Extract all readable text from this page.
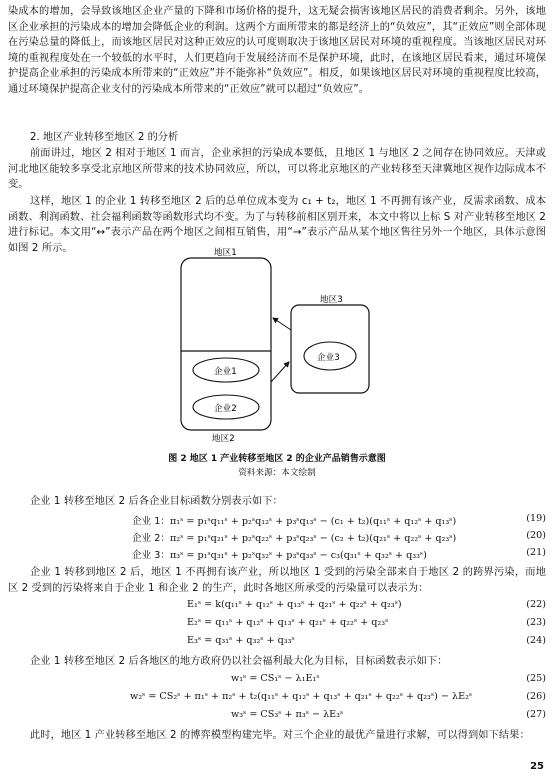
染成本的增加，会导致该地区企业产量的下降和市场价格的提升，这无疑会损害该地区居民的消费者剩余。另外，该地区企业承担的污染成本的增加会降低企业的利润。这两个方面所带来的都是经济上的“负效应”，其“正效应”则全部体现在污染总量的降低上，而该地区居民对这种正效应的认可度则取决于该地区居民对环境的重视程度。当该地区居民对环境的重视程度处在一个较低的水平时，人们更趋向于发展经济而不是保护环境，此时，在该地区居民看来，通过环境保护提高企业承担的污染成本所带来的“正效应”并不能弥补“负效应”。相反，如果该地区居民对环境的重视程度比较高，通过环境保护提高企业支付的污染成本所带来的“正效应”就可以超过“负效应”。
2. 地区产业转移至地区 2 的分析
前面讲过，地区 2 相对于地区 1 而言，企业承担的污染成本要低，且地区 1 与地区 2 之间存在协同效应。天津或河北地区能较多享受北京地区所带来的技术协同效应，所以，可以将北京地区的产业转移至天津冀地区视作边际成本不变。
这样，地区 1 的企业 1 转移至地区 2 后的总单位成本变为 c₁ + t₂，地区 1 不再拥有该产业，反需求函数、成本函数、利润函数、社会福利函数等函数形式均不变。为了与转移前相区别开来，本文中将以上标 S 对产业转移至地区 2 进行标记。本文用“↔”表示产品在两个地区之间相互销售，用“→”表示产品从某个地区售往另外一个地区，具体示意图如图 2 所示。	地区1
地区2
地区3
企业1
企业2
企业3
图 2 地区 1 产业转移至地区 2 的企业产品销售示意图
资料来源：本文绘制
企业 1 转移至地区 2 后各企业目标函数分别表示如下：
企业 1：π₁ˢ = p₁ˢq₁₁ˢ + p₂ˢq₁₂ˢ + p₃ˢq₁₃ˢ − (c₁ + t₂)(q₁₁ˢ + q₁₂ˢ + q₁₃ˢ)	(19)
企业 2：π₂ˢ = p₁ˢq₂₁ˢ + p₂ˢq₂₂ˢ + p₃ˢq₂₃ˢ − (c₂ + t₂)(q₂₁ˢ + q₂₂ˢ + q₂₃ˢ)	(20)
企业 3：π₃ˢ = p₁ˢq₃₁ˢ + p₂ˢq₃₂ˢ + p₃ˢq₃₃ˢ − c₃(q₃₁ˢ + q₃₂ˢ + q₃₃ˢ)	(21)
企业 1 转移到地区 2 后，地区 1 不再拥有该产业，所以地区 1 受到的污染全部来自于地区 2 的跨界污染，而地区 2 受到的污染将来自于企业 1 和企业 2 的生产，此时各地区所承受的污染量可以表示为：
E₁ˢ = k(q₁₁ˢ + q₁₂ˢ + q₁₃ˢ + q₂₁ˢ + q₂₂ˢ + q₂₃ˢ)	(22)
E₂ˢ = q₁₁ˢ + q₁₂ˢ + q₁₃ˢ + q₂₁ˢ + q₂₂ˢ + q₂₃ˢ	(23)
E₃ˢ = q₃₁ˢ + q₃₂ˢ + q₃₃ˢ	(24)
企业 1 转移至地区 2 后各地区的地方政府仍以社会福利最大化为目标，目标函数表示如下：
w₁ˢ = CS₁ˢ − λ₁E₁ˢ	(25)
w₂ˢ = CS₂ˢ + π₁ˢ + π₂ˢ + t₂(q₁₁ˢ + q₁₂ˢ + q₁₃ˢ + q₂₁ˢ + q₂₂ˢ + q₂₃ˢ) − λE₂ˢ	(26)
w₃ˢ = CS₃ˢ + π₃ˢ − λE₃ˢ	(27)
此时，地区 1 产业转移至地区 2 的博弈模型构建完毕。对三个企业的最优产量进行求解，可以得到如下结果：
25
